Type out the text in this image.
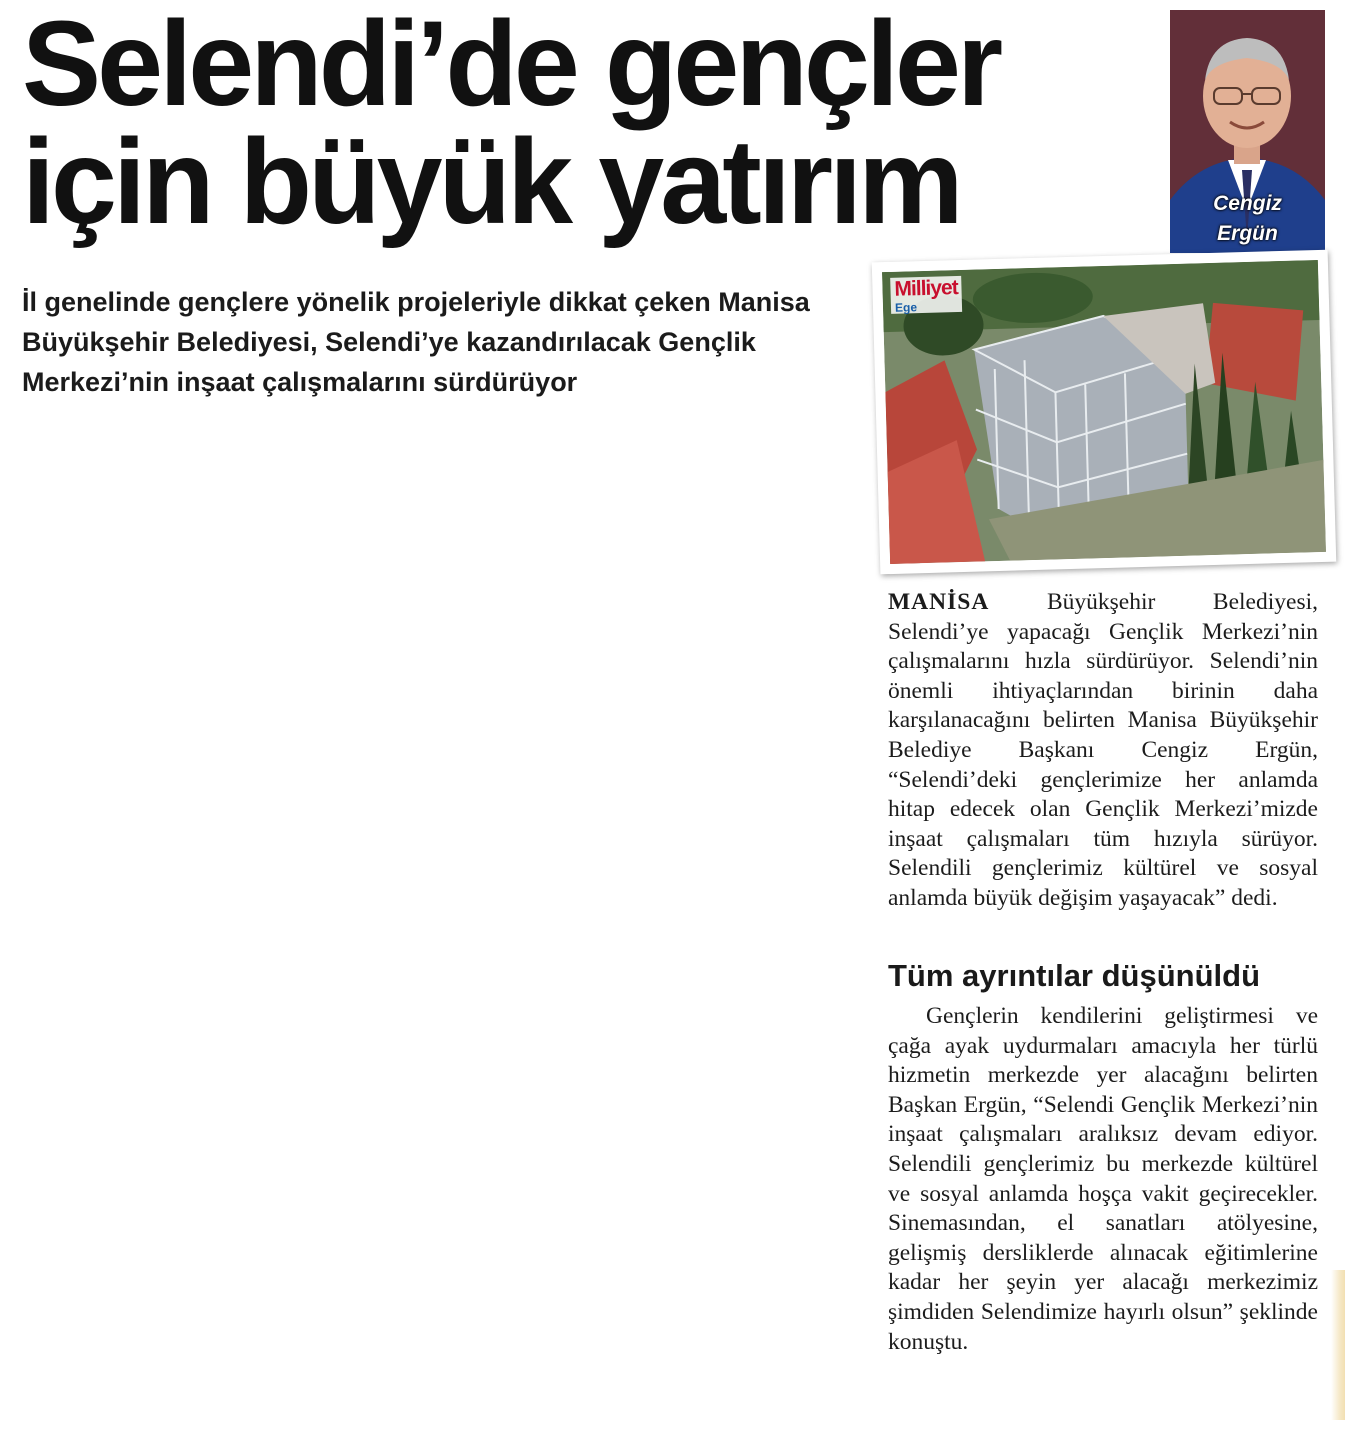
Selendi’de gençler
için büyük yatırım	Cengiz
Ergün

İl genelinde gençlere yönelik projeleriyle dikkat çeken Manisa Büyükşehir Belediyesi, Selendi’ye kazandırılacak Gençlik Merkezi’nin inşaat çalışmalarını sürdürüyor

Milliyet
Ege

MANİSA Büyükşehir Belediyesi, Selendi’ye yapacağı Gençlik Merkezi’nin çalışmalarını hızla sürdürüyor. Selendi’nin önemli ihtiyaçlarından birinin daha karşılanacağını belirten Manisa Büyükşehir Belediye Başkanı Cengiz Ergün, “Selendi’deki gençlerimize her anlamda hitap edecek olan Gençlik Merkezi’mizde inşaat çalışmaları tüm hızıyla sürüyor. Selendili gençlerimiz kültürel ve sosyal anlamda büyük değişim yaşayacak” dedi.

Tüm ayrıntılar düşünüldü

Gençlerin kendilerini geliştirmesi ve çağa ayak uydurmaları amacıyla her türlü hizmetin merkezde yer alacağını belirten Başkan Ergün, “Selendi Gençlik Merkezi’nin inşaat çalışmaları aralıksız devam ediyor. Selendili gençlerimiz bu merkezde kültürel ve sosyal anlamda hoşça vakit geçirecekler. Sinemasından, el sanatları atölyesine, gelişmiş dersliklerde alınacak eğitimlerine kadar her şeyin yer alacağı merkezimiz şimdiden Selendimize hayırlı olsun” şeklinde konuştu.
